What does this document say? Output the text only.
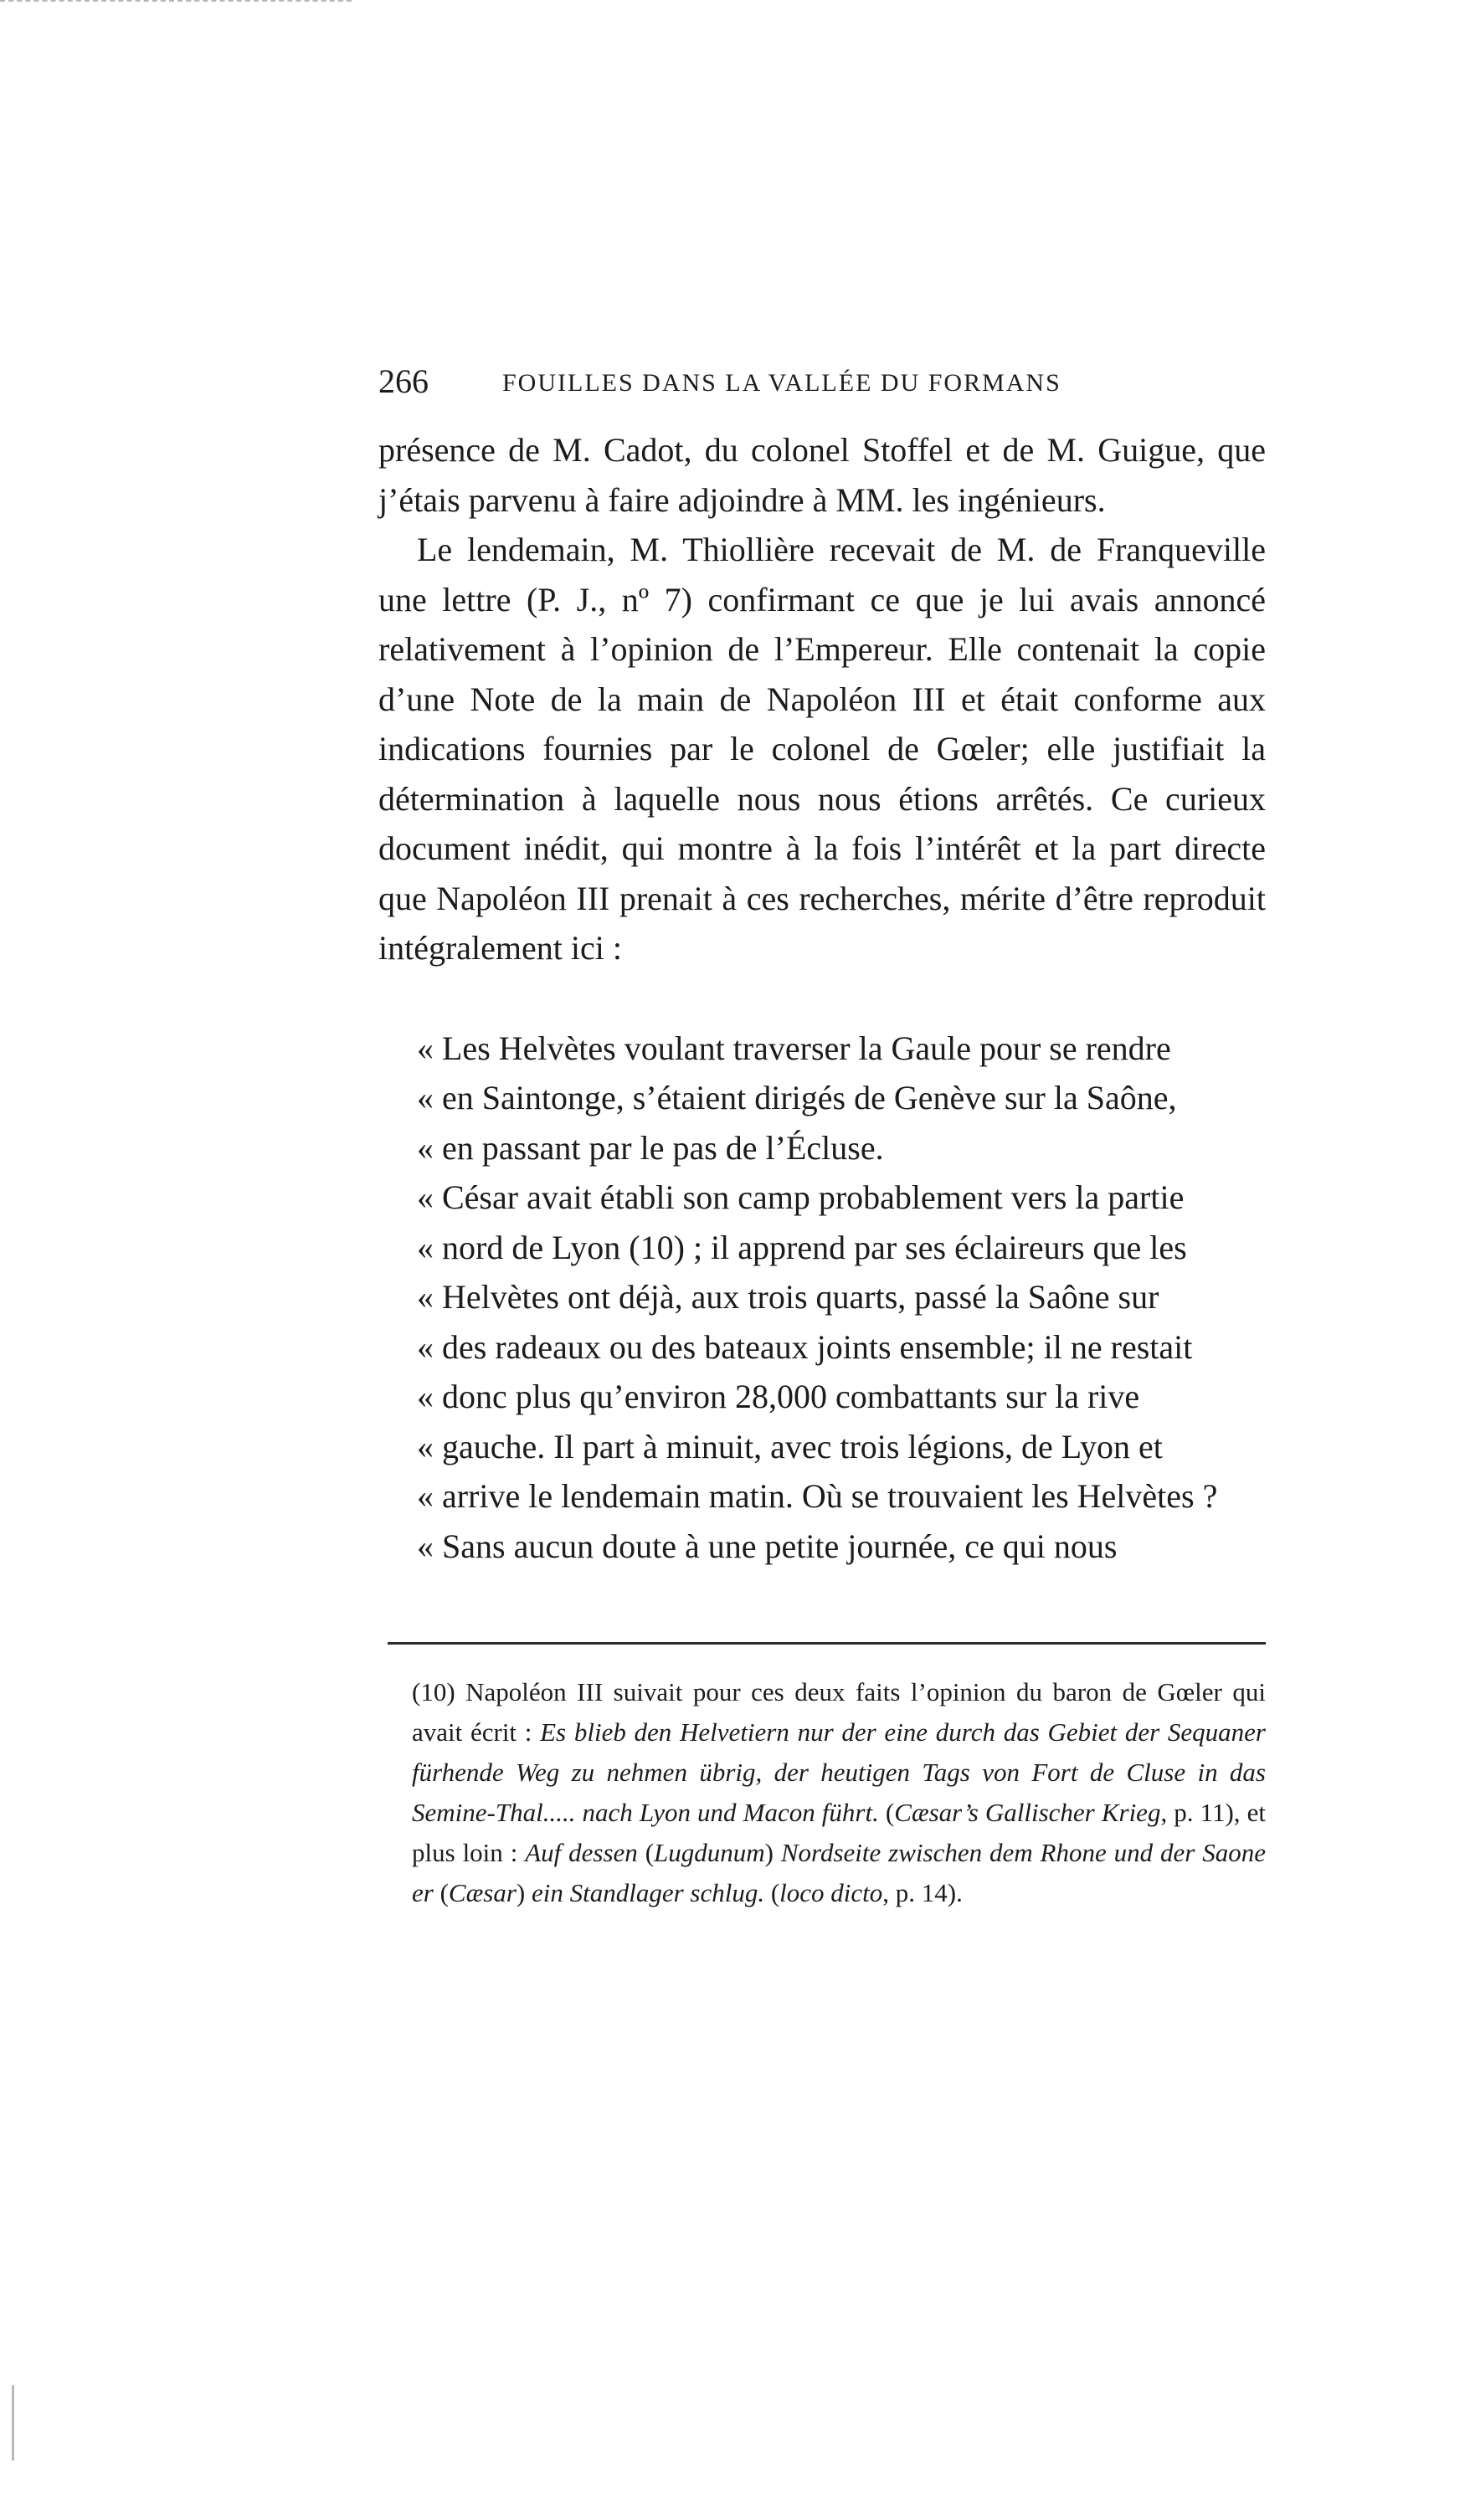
266	FOUILLES DANS LA VALLÉE DU FORMANS

présence de M. Cadot, du colonel Stoffel et de M. Guigue, que j’étais parvenu à faire adjoindre à MM. les ingénieurs.

Le lendemain, M. Thiollière recevait de M. de Franqueville une lettre (P. J., nº 7) confirmant ce que je lui avais annoncé relativement à l’opinion de l’Empereur. Elle contenait la copie d’une Note de la main de Napoléon III et était conforme aux indications fournies par le colonel de Gœler; elle justifiait la détermination à laquelle nous nous étions arrêtés. Ce curieux document inédit, qui montre à la fois l’intérêt et la part directe que Napoléon III prenait à ces recherches, mérite d’être reproduit intégralement ici :

« Les Helvètes voulant traverser la Gaule pour se rendre
« en Saintonge, s’étaient dirigés de Genève sur la Saône,
« en passant par le pas de l’Écluse.
« César avait établi son camp probablement vers la partie
« nord de Lyon (10) ; il apprend par ses éclaireurs que les
« Helvètes ont déjà, aux trois quarts, passé la Saône sur
« des radeaux ou des bateaux joints ensemble; il ne restait
« donc plus qu’environ 28,000 combattants sur la rive
« gauche. Il part à minuit, avec trois légions, de Lyon et
« arrive le lendemain matin. Où se trouvaient les Helvètes ?
« Sans aucun doute à une petite journée, ce qui nous

(10) Napoléon III suivait pour ces deux faits l’opinion du baron de Gœler qui avait écrit : Es blieb den Helvetiern nur der eine durch das Gebiet der Sequaner fürhende Weg zu nehmen übrig, der heutigen Tags von Fort de Cluse in das Semine-Thal..... nach Lyon und Macon führt. (Cæsar’s Gallischer Krieg, p. 11), et plus loin : Auf dessen (Lugdunum) Nordseite zwischen dem Rhone und der Saone er (Cæsar) ein Standlager schlug. (loco dicto, p. 14).
